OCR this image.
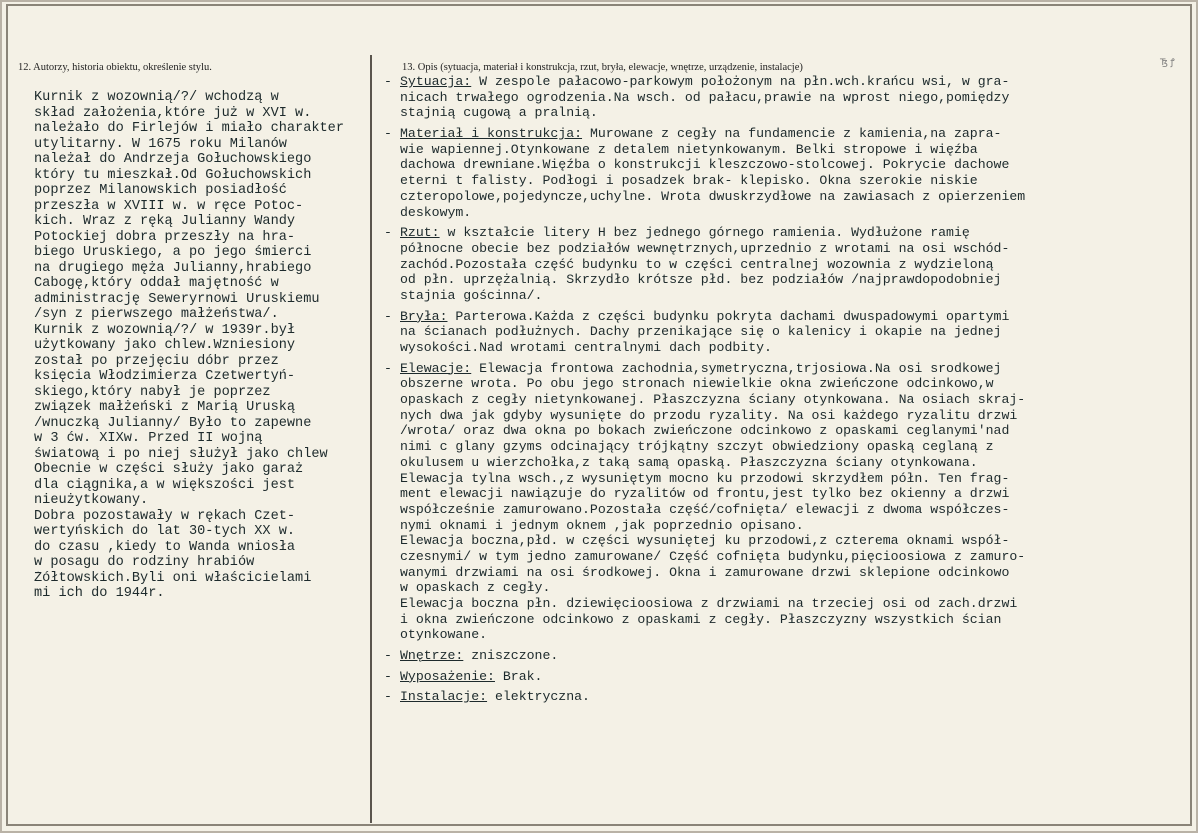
12. Autorzy, historia obiektu, określenie stylu.	13. Opis (sytuacja, materiał i konstrukcja, rzut, bryła, elewacje, wnętrze, urządzenie, instalacje)	Ꜩ ꝭ
Kurnik z wozownią/?/ wchodzą w
skład założenia,które już w XVI w.
należało do Firlejów i miało charakter
utylitarny. W 1675 roku Milanów
należał do Andrzeja Gołuchowskiego
który tu mieszkał.Od Gołuchowskich
poprzez Milanowskich posiadłość
przeszła w XVIII w. w ręce Potoc-
kich. Wraz z ręką Julianny Wandy
Potockiej dobra przeszły na hra-
biego Uruskiego, a po jego śmierci
na drugiego męża Julianny,hrabiego
Cabogę,który oddał majętność w
administrację Seweryrnowi Uruskiemu
/syn z pierwszego małżeństwa/.
Kurnik z wozownią/?/ w 1939r.był
użytkowany jako chlew.Wzniesiony
został po przejęciu dóbr przez
księcia Włodzimierza Czetwertyń-
skiego,który nabył je poprzez
związek małżeński z Marią Uruską
/wnuczką Julianny/ Było to zapewne
w 3 ćw. XIXw. Przed II wojną
światową i po niej służył jako chlew
Obecnie w części służy jako garaż
dla ciągnika,a w większości jest
nieużytkowany.
Dobra pozostawały w rękach Czet-
wertyńskich do lat 30-tych XX w.
do czasu ,kiedy to Wanda wniosła
w posagu do rodziny hrabiów
Żółtowskich.Byli oni właścicielami
mi ich do 1944r.
- Sytuacja: W zespole pałacowo-parkowym położonym na płn.wch.krańcu wsi, w gra-
nicach trwałego ogrodzenia.Na wsch. od pałacu,prawie na wprost niego,pomiędzy
stajnią cugową a pralnią.
- Materiał i konstrukcja: Murowane z cegły na fundamencie z kamienia,na zapra-
wie wapiennej.Otynkowane z detalem nietynkowanym. Belki stropowe i więźba
dachowa drewniane.Więźba o konstrukcji kleszczowo-stolcowej. Pokrycie dachowe
eterni t falisty. Podłogi i posadzek brak- klepisko. Okna szerokie niskie
czteropolowe,pojedyncze,uchylne. Wrota dwuskrzydłowe na zawiasach z opierzeniem
deskowym.
- Rzut: w kształcie litery H bez jednego górnego ramienia. Wydłużone ramię
północne obecie bez podziałów wewnętrznych,uprzednio z wrotami na osi wschód-
zachód.Pozostała część budynku to w części centralnej wozownia z wydzieloną
od płn. uprzężalnią. Skrzydło krótsze płd. bez podziałów /najprawdopodobniej
stajnia gościnna/.
- Bryła: Parterowa.Każda z części budynku pokryta dachami dwuspadowymi opartymi
na ścianach podłużnych. Dachy przenikające się o kalenicy i okapie na jednej
wysokości.Nad wrotami centralnymi dach podbity.
- Elewacje: Elewacja frontowa zachodnia,symetryczna,trjosiowa.Na osi srodkowej
obszerne wrota. Po obu jego stronach niewielkie okna zwieńczone odcinkowo,w
opaskach z cegły nietynkowanej. Płaszczyzna ściany otynkowana. Na osiach skraj-
nych dwa jak gdyby wysunięte do przodu ryzality. Na osi każdego ryzalitu drzwi
/wrota/ oraz dwa okna po bokach zwieńczone odcinkowo z opaskami ceglanymi'nad
nimi c glany gzyms odcinający trójkątny szczyt obwiedziony opaską ceglaną z
okulusem u wierzchołka,z taką samą opaską. Płaszczyzna ściany otynkowana.
Elewacja tylna wsch.,z wysuniętym mocno ku przodowi skrzydłem półn. Ten frag-
ment elewacji nawiązuje do ryzalitów od frontu,jest tylko bez okienny a drzwi
współcześnie zamurowano.Pozostała część/cofnięta/ elewacji z dwoma współczes-
nymi oknami i jednym oknem ,jak poprzednio opisano.
Elewacja boczna,płd. w części wysuniętej ku przodowi,z czterema oknami współ-
czesnymi/ w tym jedno zamurowane/ Część cofnięta budynku,pięcioosiowa z zamuro-
wanymi drzwiami na osi środkowej. Okna i zamurowane drzwi sklepione odcinkowo
w opaskach z cegły.
Elewacja boczna płn. dziewięcioosiowa z drzwiami na trzeciej osi od zach.drzwi
i okna zwieńczone odcinkowo z opaskami z cegły. Płaszczyzny wszystkich ścian
otynkowane.
- Wnętrze: zniszczone.
- Wyposażenie: Brak.
- Instalacje: elektryczna.
